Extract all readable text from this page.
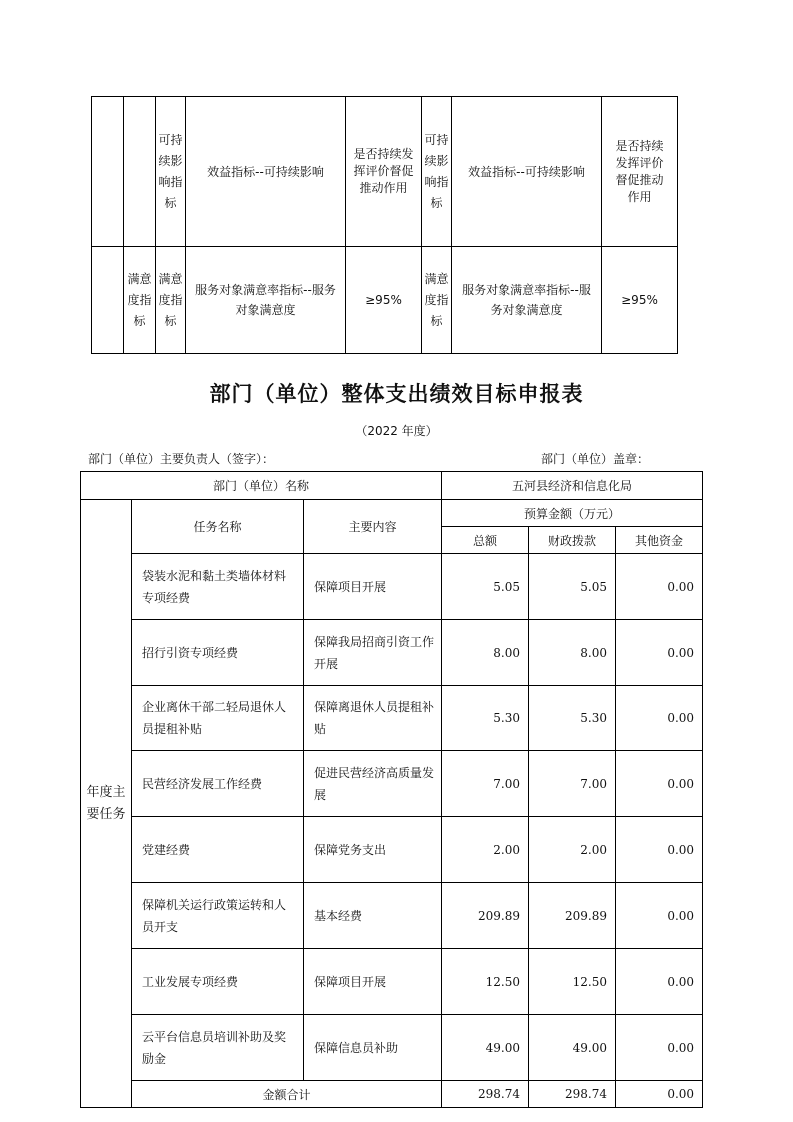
		可持续影响指标	效益指标--可持续影响	是否持续发挥评价督促推动作用	可持续影响指标	效益指标--可持续影响	是否持续发挥评价督促推动作用
	满意度指标	满意度指标	服务对象满意率指标--服务对象满意度	≥95%	满意度指标	服务对象满意率指标--服务对象满意度	≥95%
部门（单位）整体支出绩效目标申报表
（2022 年度）
部门（单位）主要负责人（签字）：	部门（单位）盖章：
部门（单位）名称			五河县经济和信息化局		
年度主要任务	任务名称	主要内容	预算金额（万元）		
			总额	财政拨款	其他资金
	袋装水泥和黏土类墙体材料专项经费	保障项目开展	5.05	5.05	0.00
	招行引资专项经费	保障我局招商引资工作开展	8.00	8.00	0.00
	企业离休干部二轻局退休人员提租补贴	保障离退休人员提租补贴	5.30	5.30	0.00
	民营经济发展工作经费	促进民营经济高质量发展	7.00	7.00	0.00
	党建经费	保障党务支出	2.00	2.00	0.00
	保障机关运行政策运转和人员开支	基本经费	209.89	209.89	0.00
	工业发展专项经费	保障项目开展	12.50	12.50	0.00
	云平台信息员培训补助及奖励金	保障信息员补助	49.00	49.00	0.00
	金额合计		298.74	298.74	0.00
